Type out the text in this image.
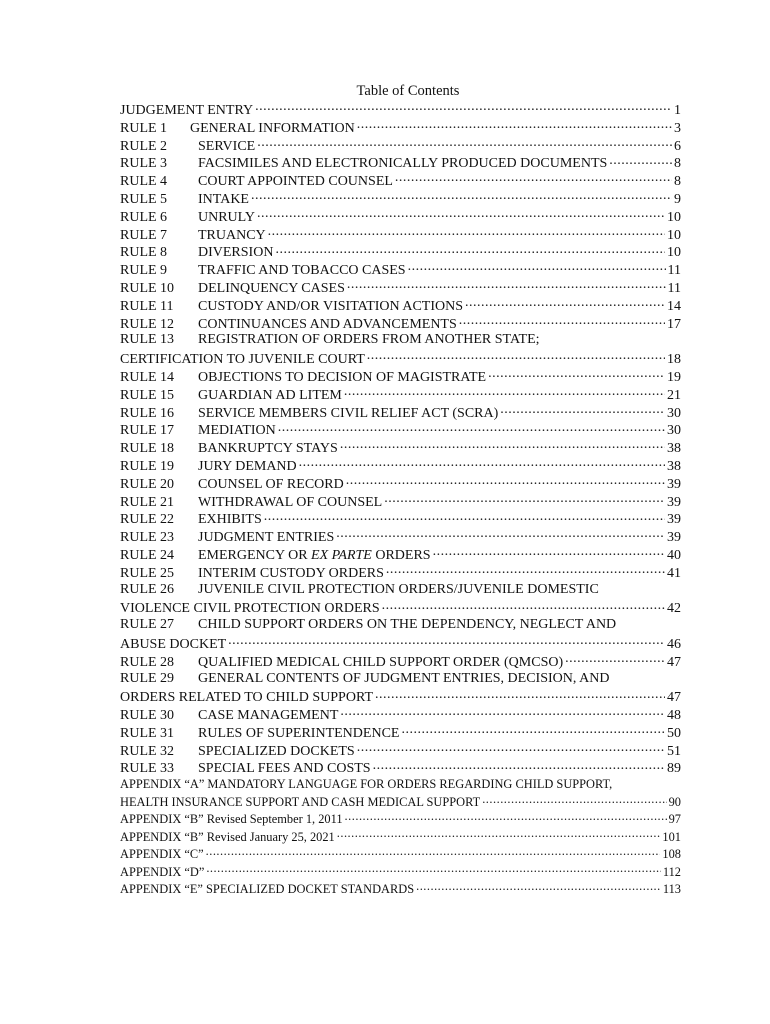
Table of Contents
JUDGEMENT ENTRY .....	1
RULE 1	GENERAL INFORMATION .....	3
RULE 2	SERVICE .....	6
RULE 3	FACSIMILES AND ELECTRONICALLY PRODUCED DOCUMENTS .....	8
RULE 4	COURT APPOINTED COUNSEL .....	8
RULE 5	INTAKE .....	9
RULE 6	UNRULY .....	10
RULE 7	TRUANCY .....	10
RULE 8	DIVERSION .....	10
RULE 9	TRAFFIC AND TOBACCO CASES .....	11
RULE 10	DELINQUENCY CASES .....	11
RULE 11	CUSTODY AND/OR VISITATION ACTIONS .....	14
RULE 12	CONTINUANCES AND ADVANCEMENTS .....	17
RULE 13	REGISTRATION OF ORDERS FROM ANOTHER STATE;
CERTIFICATION TO JUVENILE COURT .....	18
RULE 14	OBJECTIONS TO DECISION OF MAGISTRATE .....	19
RULE 15	GUARDIAN AD LITEM .....	21
RULE 16	SERVICE MEMBERS CIVIL RELIEF ACT (SCRA) .....	30
RULE 17	MEDIATION .....	30
RULE 18	BANKRUPTCY STAYS .....	38
RULE 19	JURY DEMAND .....	38
RULE 20	COUNSEL OF RECORD .....	39
RULE 21	WITHDRAWAL OF COUNSEL .....	39
RULE 22	EXHIBITS .....	39
RULE 23	JUDGMENT ENTRIES .....	39
RULE 24	EMERGENCY OR EX PARTE ORDERS .....	40
RULE 25	INTERIM CUSTODY ORDERS .....	41
RULE 26	JUVENILE CIVIL PROTECTION ORDERS/JUVENILE DOMESTIC
VIOLENCE CIVIL PROTECTION ORDERS .....	42
RULE 27	CHILD SUPPORT ORDERS ON THE DEPENDENCY, NEGLECT AND
ABUSE DOCKET .....	46
RULE 28	QUALIFIED MEDICAL CHILD SUPPORT ORDER (QMCSO) .....	47
RULE 29	GENERAL CONTENTS OF JUDGMENT ENTRIES, DECISION, AND
ORDERS RELATED TO CHILD SUPPORT .....	47
RULE 30	CASE MANAGEMENT .....	48
RULE 31	RULES OF SUPERINTENDENCE .....	50
RULE 32	SPECIALIZED DOCKETS .....	51
RULE 33	SPECIAL FEES AND COSTS .....	89
APPENDIX “A” MANDATORY LANGUAGE FOR ORDERS REGARDING CHILD SUPPORT,
HEALTH INSURANCE SUPPORT AND CASH MEDICAL SUPPORT .....	90
APPENDIX “B” Revised September 1, 2011 .....	97
APPENDIX “B” Revised January 25, 2021 .....	101
APPENDIX “C” .....	108
APPENDIX “D” .....	112
APPENDIX “E” SPECIALIZED DOCKET STANDARDS .....	113
